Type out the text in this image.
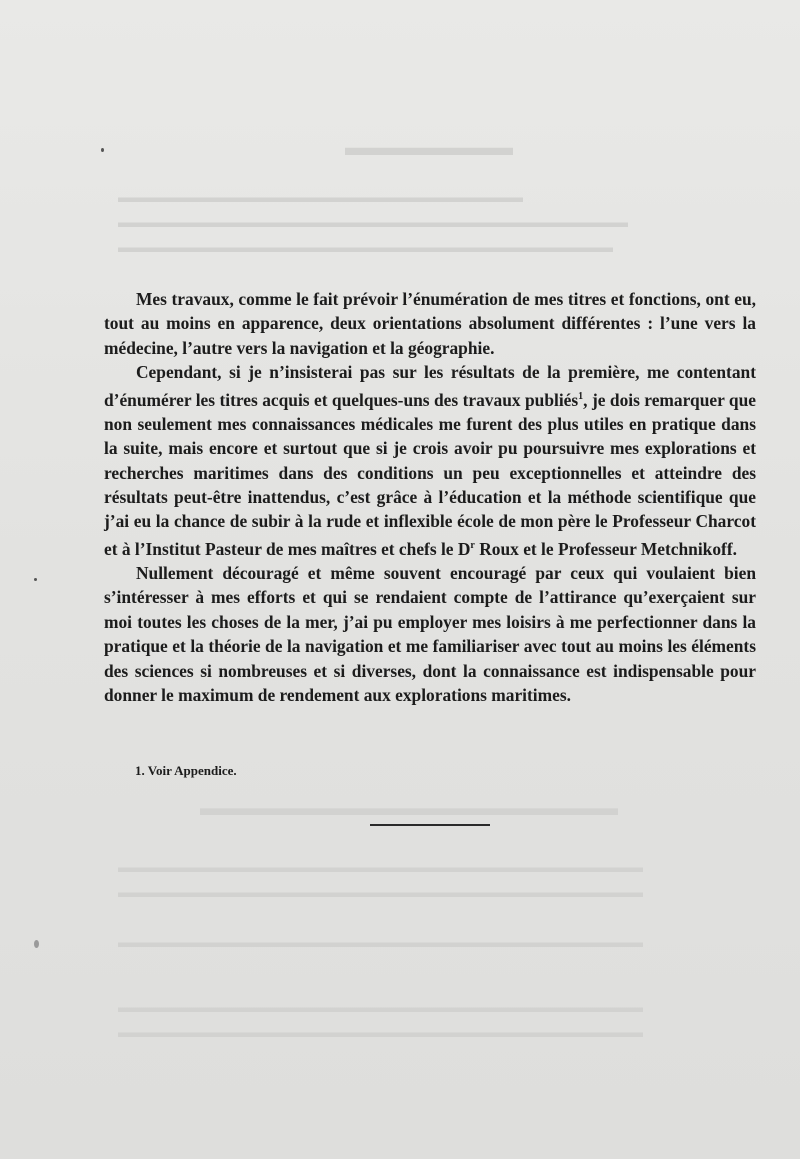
▬▬▬▬▬▬▬
▬▬▬▬▬▬▬▬▬▬▬▬▬▬▬▬▬▬▬▬▬▬▬▬▬▬▬
▬▬▬▬▬▬▬▬▬▬▬▬▬▬▬▬▬▬▬▬▬▬▬▬▬▬▬▬▬▬▬▬▬▬
▬▬▬▬▬▬▬▬▬▬▬▬▬▬▬▬▬▬▬▬▬▬▬▬▬▬▬▬▬▬▬▬▬
▬▬▬▬▬▬▬▬▬▬▬▬▬▬▬▬▬▬▬
▬▬▬▬▬▬▬▬▬▬▬▬▬▬▬▬▬▬▬▬▬▬▬▬▬▬▬▬▬▬▬▬▬▬▬
▬▬▬▬▬▬▬▬▬▬▬▬▬▬▬▬▬▬▬▬▬▬▬▬▬▬▬▬▬▬▬▬▬▬▬
▬▬▬▬▬▬▬▬▬▬▬▬▬▬▬▬▬▬▬▬▬▬▬▬▬▬▬▬▬▬▬▬▬▬▬
▬▬▬▬▬▬▬▬▬▬▬▬▬▬▬▬▬▬▬▬▬▬▬▬▬▬▬▬▬▬▬▬▬▬▬
▬▬▬▬▬▬▬▬▬▬▬▬▬▬▬▬▬▬▬▬▬▬▬▬▬▬▬▬▬▬▬▬▬▬▬

Mes travaux, comme le fait prévoir l’énumération de mes titres et fonctions, ont eu, tout au moins en apparence, deux orientations absolument différentes : l’une vers la médecine, l’autre vers la navigation et la géographie.

Cependant, si je n’insisterai pas sur les résultats de la première, me contentant d’énumérer les titres acquis et quelques-uns des travaux publiés$^1$, je dois remarquer que non seulement mes connaissances médicales me furent des plus utiles en pratique dans la suite, mais encore et surtout que si je crois avoir pu poursuivre mes explorations et recherches maritimes dans des conditions un peu exceptionnelles et atteindre des résultats peut-être inattendus, c’est grâce à l’éducation et la méthode scientifique que j’ai eu la chance de subir à la rude et inflexible école de mon père le Professeur Charcot et à l’Institut Pasteur de mes maîtres et chefs le $D^r$ Roux et le Professeur Metchnikoff.

Nullement découragé et même souvent encouragé par ceux qui voulaient bien s’intéresser à mes efforts et qui se rendaient compte de l’attirance qu’exerçaient sur moi toutes les choses de la mer, j’ai pu employer mes loisirs à me perfectionner dans la pratique et la théorie de la navigation et me familiariser avec tout au moins les éléments des sciences si nombreuses et si diverses, dont la connaissance est indispensable pour donner le maximum de rendement aux explorations maritimes.

1. Voir Appendice.
